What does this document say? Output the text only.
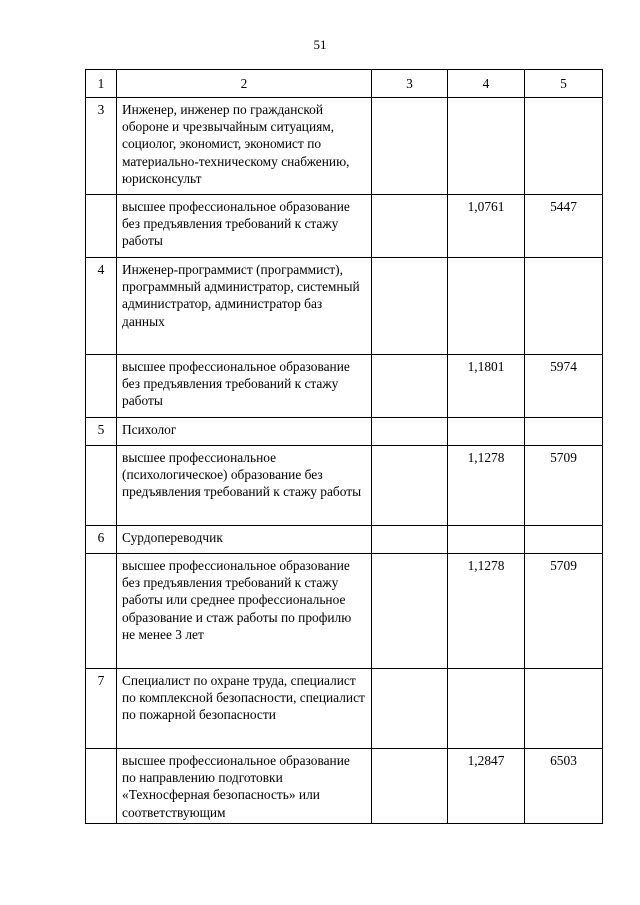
51
1	2	3	4	5
3	Инженер, инженер по гражданской обороне и чрезвычайным ситуациям, социолог, экономист, экономист по материально-техническому снабжению, юрисконсульт			
	высшее профессиональное образование без предъявления требований к стажу работы		1,0761	5447
4	Инженер-программист (программист), программный администратор, системный администратор, администратор баз данных			
	высшее профессиональное образование без предъявления требований к стажу работы		1,1801	5974
5	Психолог			
	высшее профессиональное (психологическое) образование без предъявления требований к стажу работы		1,1278	5709
6	Сурдопереводчик			
	высшее профессиональное образование без предъявления требований к стажу работы или среднее профессиональное образование и стаж работы по профилю не менее 3 лет		1,1278	5709
7	Специалист по охране труда, специалист по комплексной безопасности, специалист по пожарной безопасности			
	высшее профессиональное образование по направлению подготовки «Техносферная безопасность» или соответствующим		1,2847	6503
